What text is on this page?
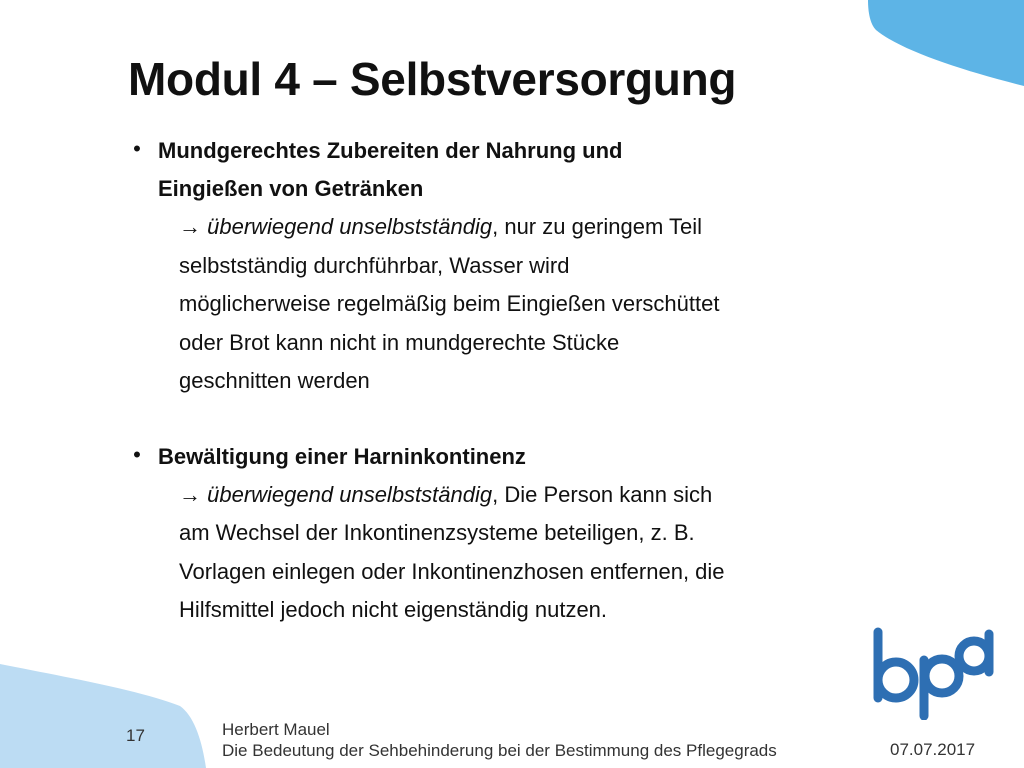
Modul 4 – Selbstversorgung
• Mundgerechtes Zubereiten der Nahrung und
Eingießen von Getränken
→ überwiegend unselbstständig, nur zu geringem Teil
selbstständig durchführbar, Wasser wird
möglicherweise regelmäßig beim Eingießen verschüttet
oder Brot kann nicht in mundgerechte Stücke
geschnitten werden
• Bewältigung einer Harninkontinenz
→ überwiegend unselbstständig, Die Person kann sich
am Wechsel der Inkontinenzsysteme beteiligen, z. B.
Vorlagen einlegen oder Inkontinenzhosen entfernen, die
Hilfsmittel jedoch nicht eigenständig nutzen.
17	Herbert Mauel
Die Bedeutung der Sehbehinderung bei der Bestimmung des Pflegegrads	07.07.2017
